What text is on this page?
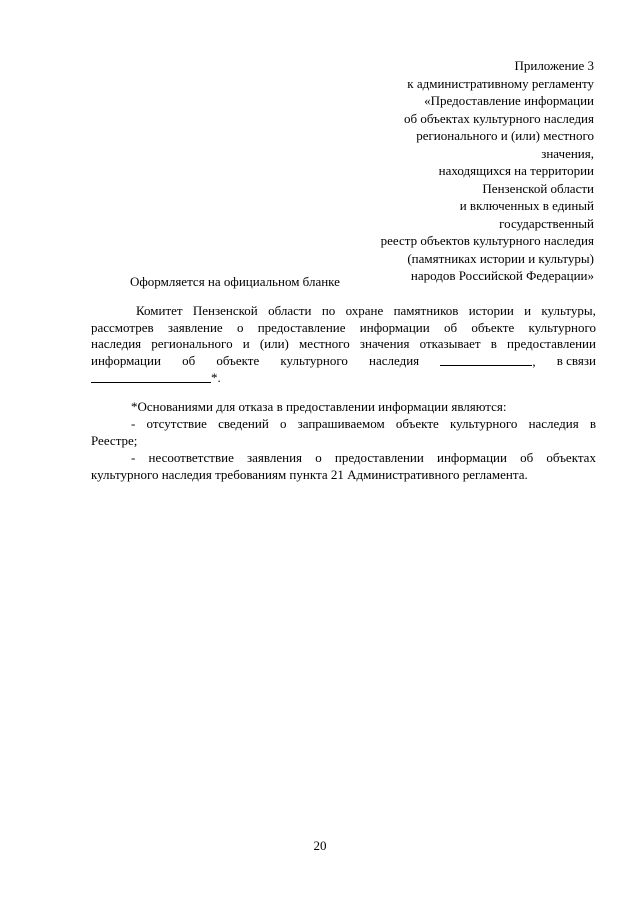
Приложение 3
к административному регламенту
«Предоставление информации
об объектах культурного наследия
регионального и (или) местного
значения,
находящихся на территории
Пензенской области
и включенных в единый
государственный
реестр объектов культурного наследия
(памятниках истории и культуры)
народов Российской Федерации»
Оформляется на официальном бланке
Комитет Пензенской области по охране памятников истории и культуры,
рассмотрев заявление о предоставление информации об объекте культурного
наследия регионального и (или) местного значения отказывает в предоставлении
информации об объекте культурного наследия	, в связи
*.
*Основаниями для отказа в предоставлении информации являются:
- отсутствие сведений о запрашиваемом объекте культурного наследия в
Реестре;
- несоответствие заявления о предоставлении информации об объектах
культурного наследия требованиям пункта 21 Административного регламента.
20
